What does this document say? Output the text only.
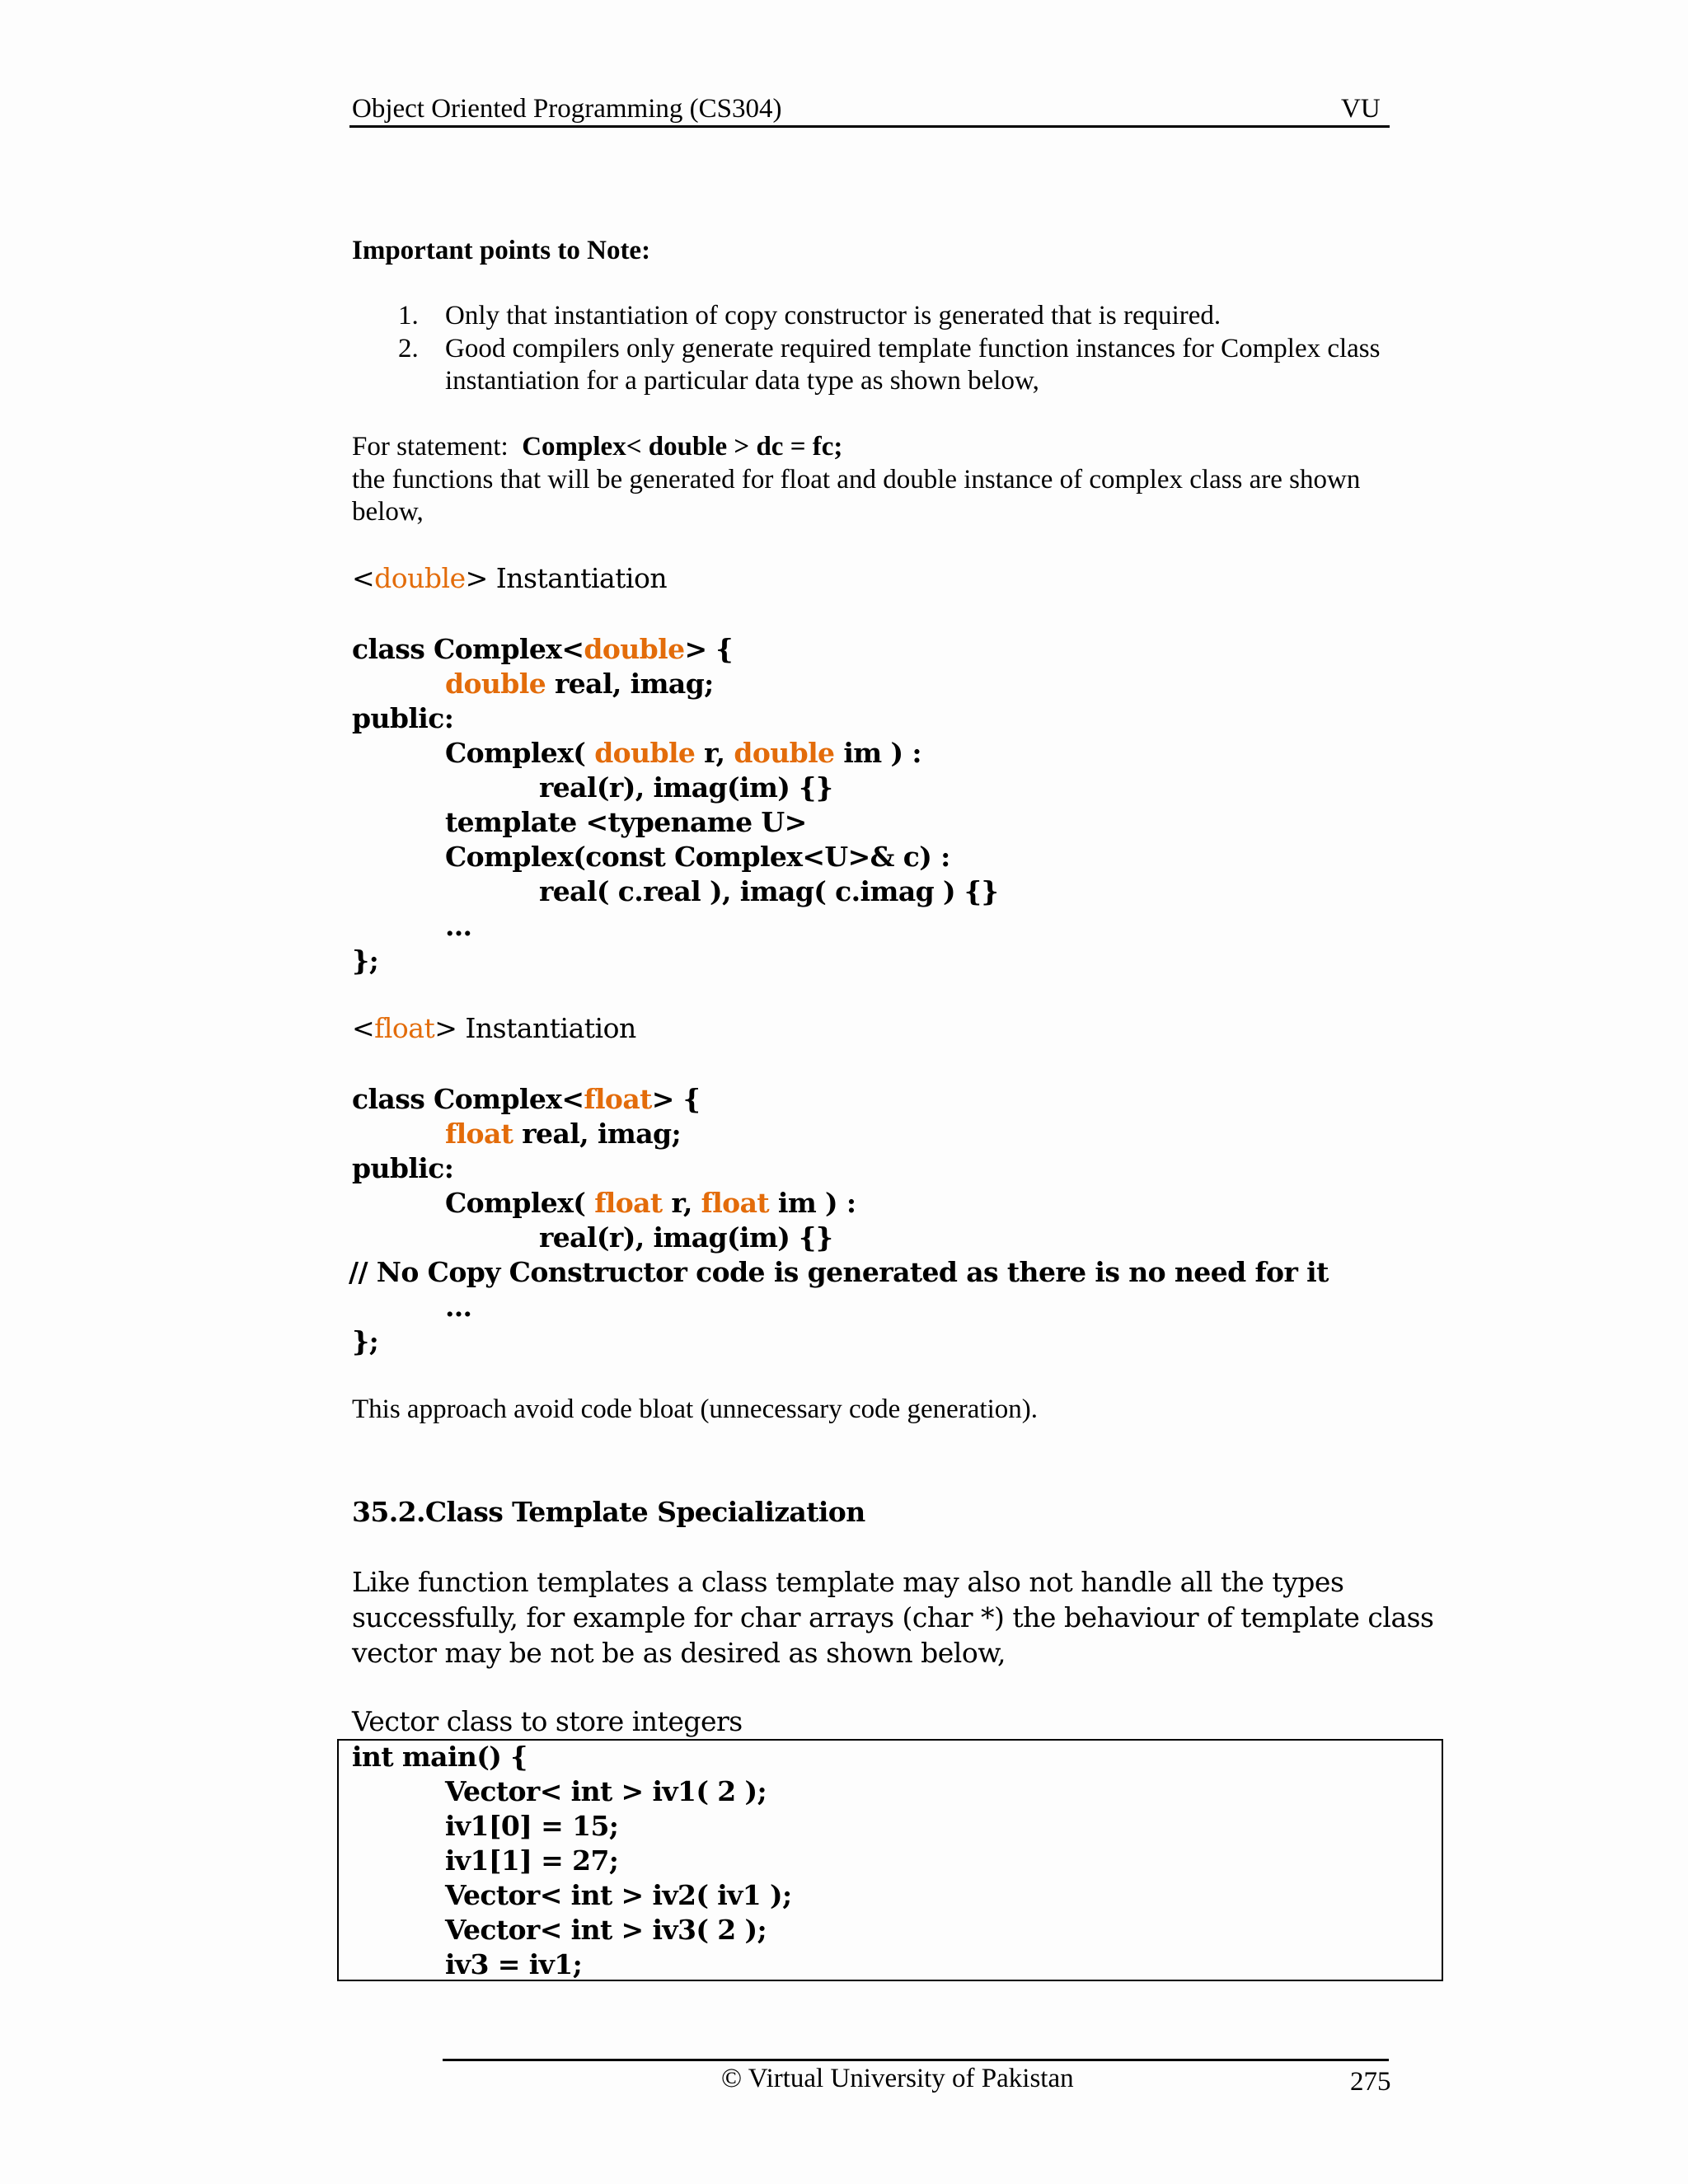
Object Oriented Programming (CS304)	VU
Important points to Note:
1. Only that instantiation of copy constructor is generated that is required.
2. Good compilers only generate required template function instances for Complex class
instantiation for a particular data type as shown below,
For statement: Complex< double > dc = fc;
the functions that will be generated for float and double instance of complex class are shown
below,
<double> Instantiation
class Complex<double> {
double real, imag;
public:
Complex( double r, double im ) :
real(r), imag(im) {}
template <typename U>
Complex(const Complex<U>& c) :
real( c.real ), imag( c.imag ) {}
…
};
<float> Instantiation
class Complex<float> {
float real, imag;
public:
Complex( float r, float im ) :
real(r), imag(im) {}
// No Copy Constructor code is generated as there is no need for it
…
};
This approach avoid code bloat (unnecessary code generation).
35.2.Class Template Specialization
Like function templates a class template may also not handle all the types
successfully, for example for char arrays (char *) the behaviour of template class
vector may be not be as desired as shown below,
Vector class to store integers
int main() {
Vector< int > iv1( 2 );
iv1[0] = 15;
iv1[1] = 27;
Vector< int > iv2( iv1 );
Vector< int > iv3( 2 );
iv3 = iv1;
© Virtual University of Pakistan	275
